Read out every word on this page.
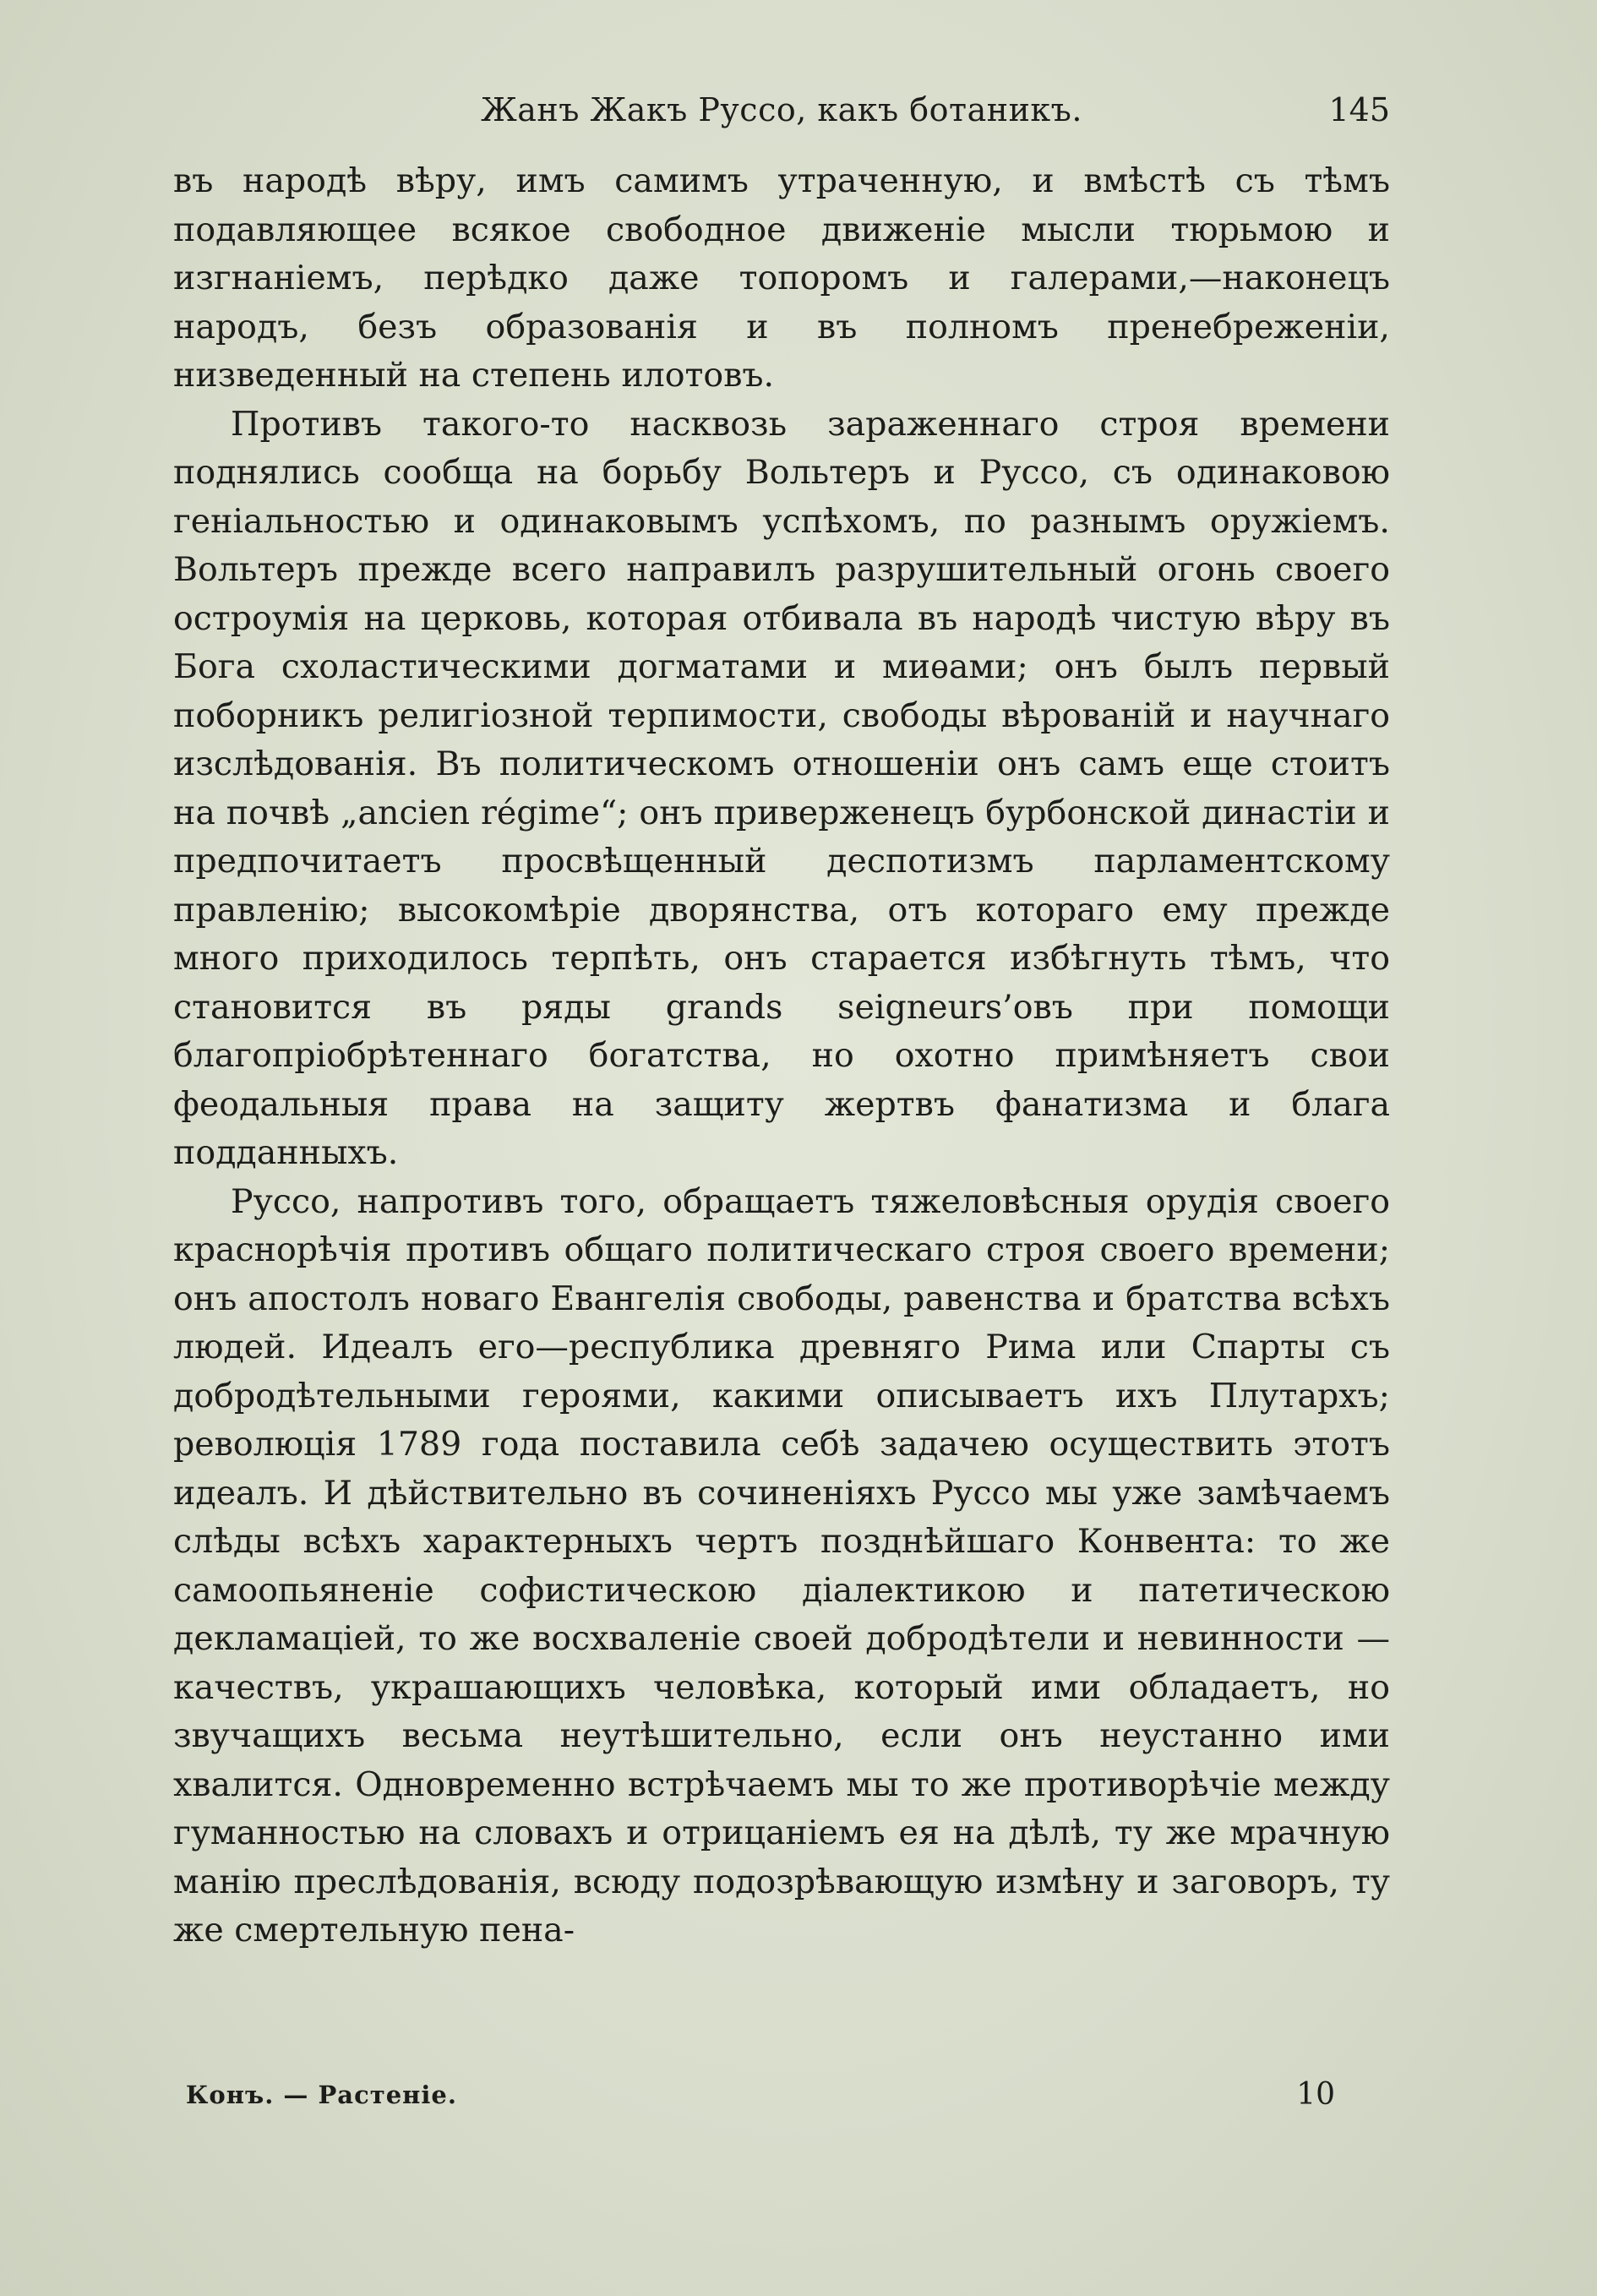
Жанъ Жакъ Руссо, какъ ботаникъ.	145

въ народѣ вѣру, имъ самимъ утраченную, и вмѣстѣ съ тѣмъ подавляющее всякое свободное движеніе мысли тюрьмою и изгнаніемъ, перѣдко даже топоромъ и галерами,—наконецъ народъ, безъ образованія и въ полномъ пренебреженіи, низведенный на степень илотовъ.

Противъ такого-то насквозь зараженнаго строя времени поднялись сообща на борьбу Вольтеръ и Руссо, съ одинаковою геніальностью и одинаковымъ успѣхомъ, по разнымъ оружіемъ. Вольтеръ прежде всего направилъ разрушительный огонь своего остроумія на церковь, которая отбивала въ народѣ чистую вѣру въ Бога схоластическими догматами и миѳами; онъ былъ первый поборникъ религіозной терпимости, свободы вѣрованій и научнаго изслѣдованія. Въ политическомъ отношеніи онъ самъ еще стоитъ на почвѣ „ancien régime“; онъ приверженецъ бурбонской династіи и предпочитаетъ просвѣщенный деспотизмъ парламентскому правленію; высокомѣріе дворянства, отъ котораго ему прежде много приходилось терпѣть, онъ старается избѣгнуть тѣмъ, что становится въ ряды grands seigneurs’овъ при помощи благопріобрѣтеннаго богатства, но охотно примѣняетъ свои феодальныя права на защиту жертвъ фанатизма и блага подданныхъ.

Руссо, напротивъ того, обращаетъ тяжеловѣсныя орудія своего краснорѣчія противъ общаго политическаго строя своего времени; онъ апостолъ новаго Евангелія свободы, равенства и братства всѣхъ людей. Идеалъ его—республика древняго Рима или Спарты съ добродѣтельными героями, какими описываетъ ихъ Плутархъ; революція 1789 года поставила себѣ задачею осуществить этотъ идеалъ. И дѣйствительно въ сочиненіяхъ Руссо мы уже замѣчаемъ слѣды всѣхъ характерныхъ чертъ позднѣйшаго Конвента: то же самоопьяненіе софистическою діалектикою и патетическою декламаціей, то же восхваленіе своей добродѣтели и невинности — качествъ, украшающихъ человѣка, который ими обладаетъ, но звучащихъ весьма неутѣшительно, если онъ неустанно ими хвалится. Одновременно встрѣчаемъ мы то же противорѣчіе между гуманностью на словахъ и отрицаніемъ ея на дѣлѣ, ту же мрачную манію преслѣдованія, всюду подозрѣвающую измѣну и заговоръ, ту же смертельную пена-

Конъ. — Растеніе.	10
